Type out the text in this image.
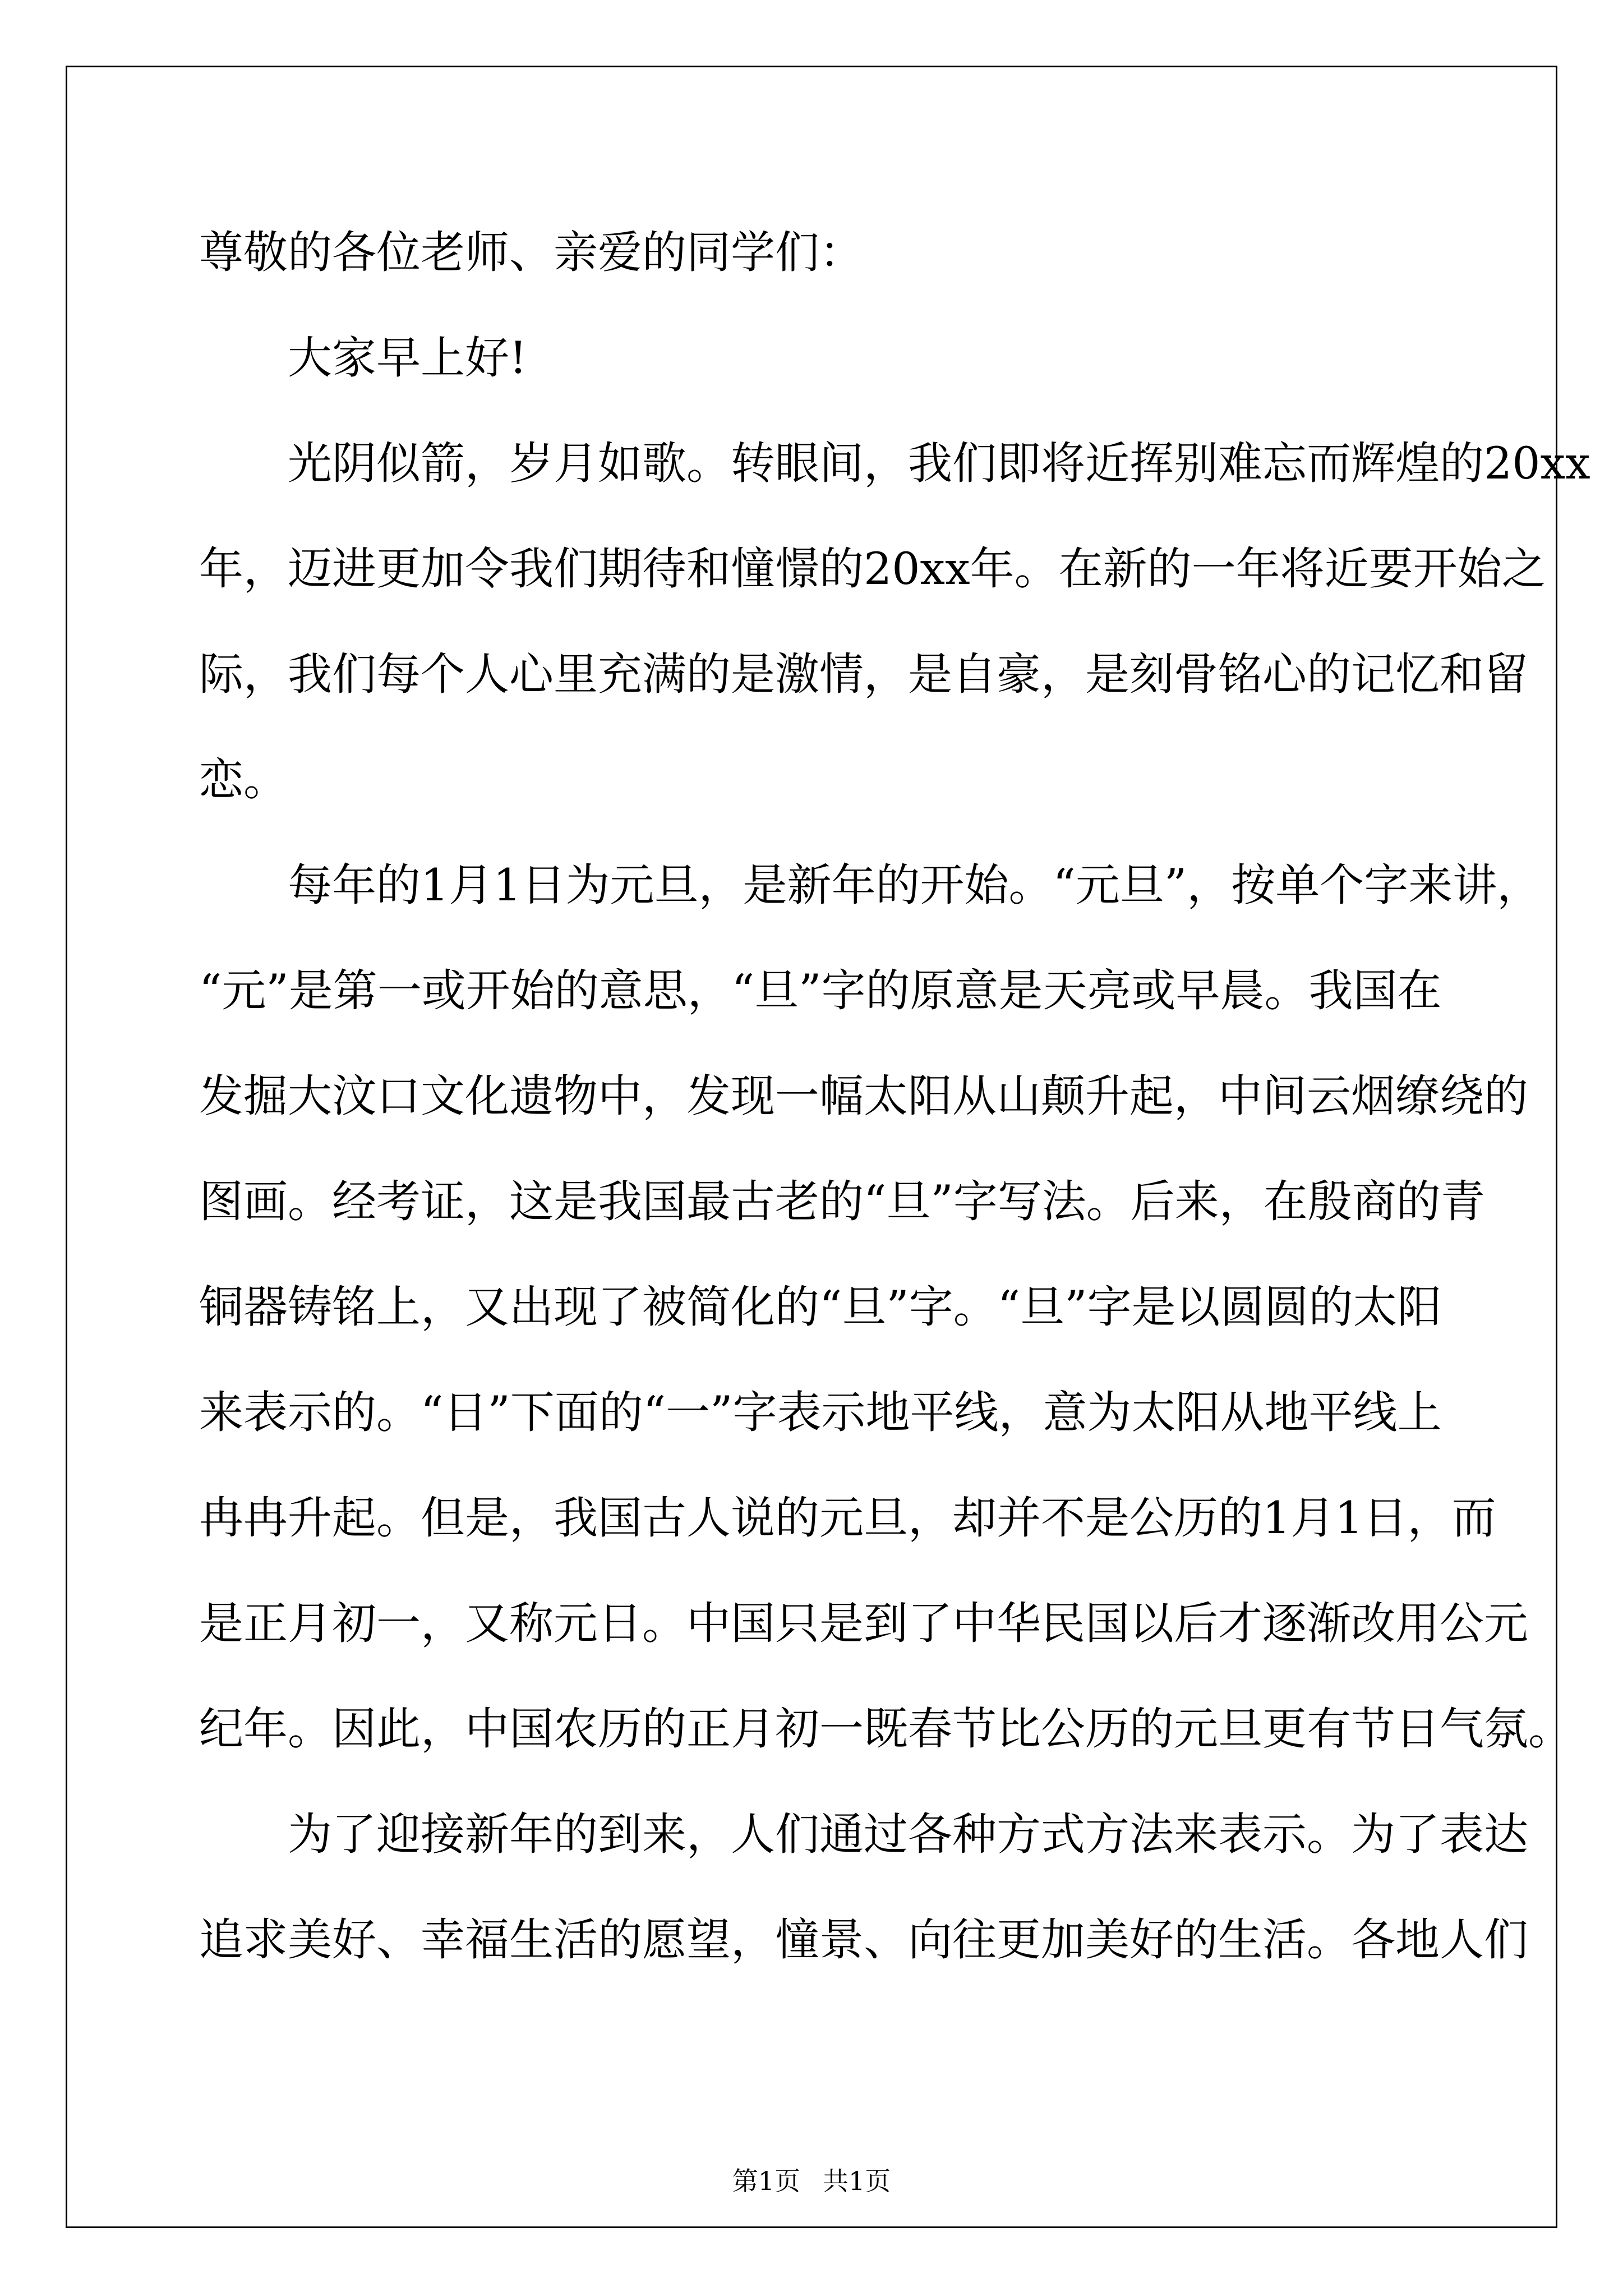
尊敬的各位老师、亲爱的同学们：
　　大家早上好!
　　光阴似箭，岁月如歌。转眼间，我们即将近挥别难忘而辉煌的20xx
年，迈进更加令我们期待和憧憬的20xx年。在新的一年将近要开始之
际，我们每个人心里充满的是激情，是自豪，是刻骨铭心的记忆和留
恋。
　　每年的1月1日为元旦，是新年的开始。“元旦”，按单个字来讲，
“元”是第一或开始的意思，“旦”字的原意是天亮或早晨。我国在
发掘大汶口文化遗物中，发现一幅太阳从山颠升起，中间云烟缭绕的
图画。经考证，这是我国最古老的“旦”字写法。后来，在殷商的青
铜器铸铭上，又出现了被简化的“旦”字。“旦”字是以圆圆的太阳
来表示的。“日”下面的“一”字表示地平线，意为太阳从地平线上
冉冉升起。但是，我国古人说的元旦，却并不是公历的1月1日，而
是正月初一，又称元日。中国只是到了中华民国以后才逐渐改用公元
纪年。因此，中国农历的正月初一既春节比公历的元旦更有节日气氛。
　　为了迎接新年的到来，人们通过各种方式方法来表示。为了表达
追求美好、幸福生活的愿望，憧景、向往更加美好的生活。各地人们
第1页 共1页
